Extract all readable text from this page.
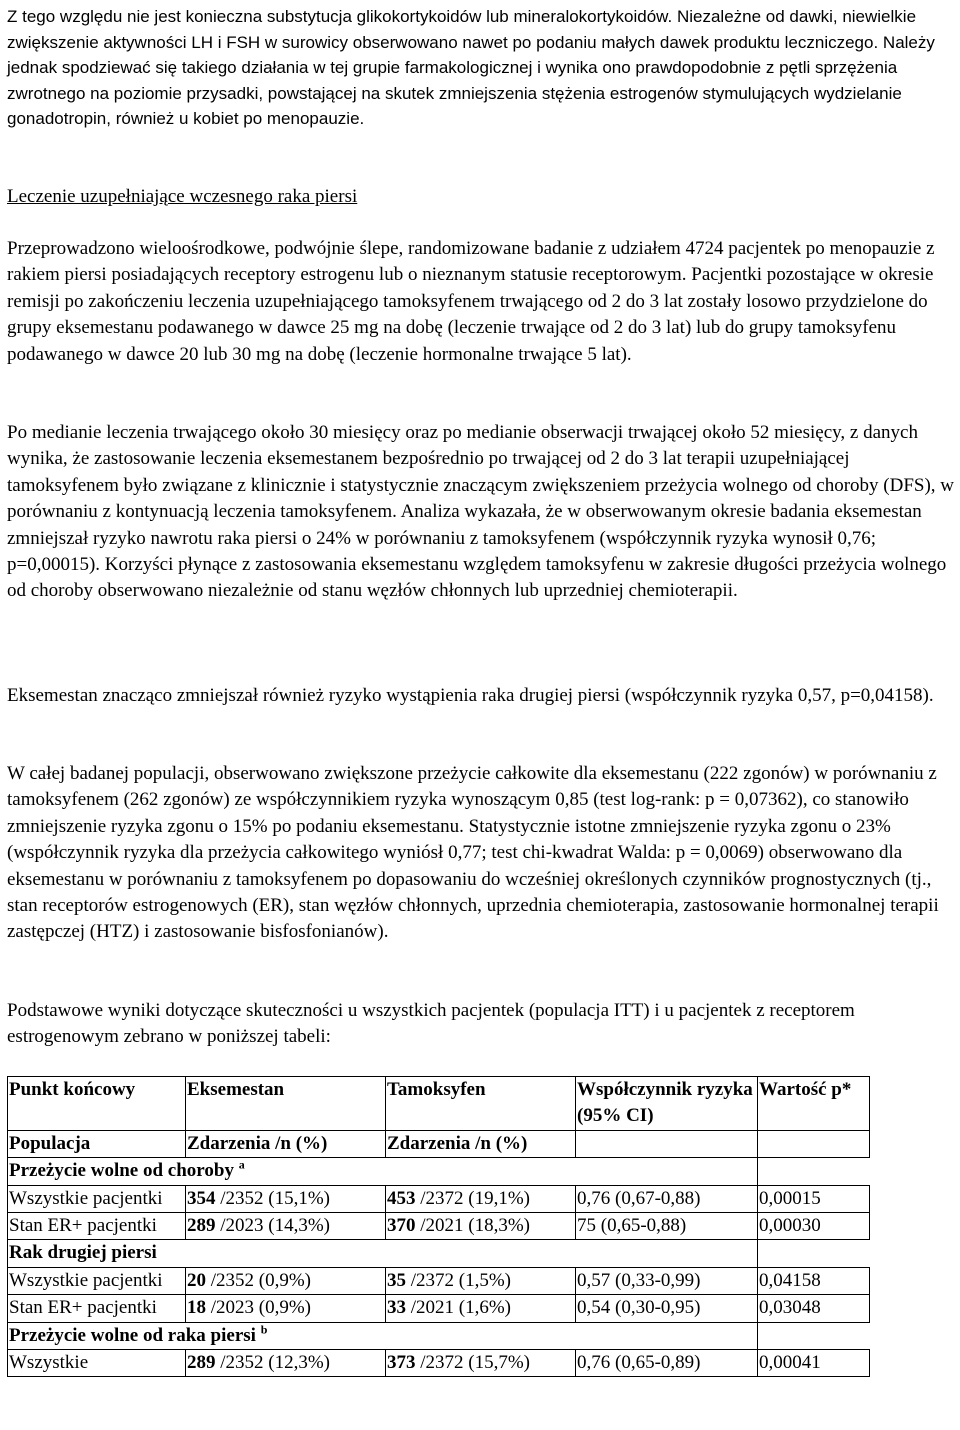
Z tego względu nie jest konieczna substytucja glikokortykoidów lub mineralokortykoidów. Niezależne od dawki, niewielkie zwiększenie aktywności LH i FSH w surowicy obserwowano nawet po podaniu małych dawek produktu leczniczego. Należy jednak spodziewać się takiego działania w tej grupie farmakologicznej i wynika ono prawdopodobnie z pętli sprzężenia zwrotnego na poziomie przysadki, powstającej na skutek zmniejszenia stężenia estrogenów stymulujących wydzielanie gonadotropin, również u kobiet po menopauzie.

Leczenie uzupełniające wczesnego raka piersi

Przeprowadzono wieloośrodkowe, podwójnie ślepe, randomizowane badanie z udziałem 4724 pacjentek po menopauzie z rakiem piersi posiadających receptory estrogenu lub o nieznanym statusie receptorowym. Pacjentki pozostające w okresie remisji po zakończeniu leczenia uzupełniającego tamoksyfenem trwającego od 2 do 3 lat zostały losowo przydzielone do grupy eksemestanu podawanego w dawce 25 mg na dobę (leczenie trwające od 2 do 3 lat) lub do grupy tamoksyfenu podawanego w dawce 20 lub 30 mg na dobę (leczenie hormonalne trwające 5 lat).

Po medianie leczenia trwającego około 30 miesięcy oraz po medianie obserwacji trwającej około 52 miesięcy, z danych wynika, że zastosowanie leczenia eksemestanem bezpośrednio po trwającej od 2 do 3 lat terapii uzupełniającej tamoksyfenem było związane z klinicznie i statystycznie znaczącym zwiększeniem przeżycia wolnego od choroby (DFS), w porównaniu z kontynuacją leczenia tamoksyfenem. Analiza wykazała, że w obserwowanym okresie badania eksemestan zmniejszał ryzyko nawrotu raka piersi o 24% w porównaniu z tamoksyfenem (współczynnik ryzyka wynosił 0,76; p=0,00015). Korzyści płynące z zastosowania eksemestanu względem tamoksyfenu w zakresie długości przeżycia wolnego od choroby obserwowano niezależnie od stanu węzłów chłonnych lub uprzedniej chemioterapii.

Eksemestan znacząco zmniejszał również ryzyko wystąpienia raka drugiej piersi (współczynnik ryzyka 0,57, p=0,04158).

W całej badanej populacji, obserwowano zwiększone przeżycie całkowite dla eksemestanu (222 zgonów) w porównaniu z tamoksyfenem (262 zgonów) ze współczynnikiem ryzyka wynoszącym 0,85 (test log-rank: p = 0,07362), co stanowiło zmniejszenie ryzyka zgonu o 15% po podaniu eksemestanu. Statystycznie istotne zmniejszenie ryzyka zgonu o 23% (współczynnik ryzyka dla przeżycia całkowitego wyniósł 0,77; test chi-kwadrat Walda: p = 0,0069) obserwowano dla eksemestanu w porównaniu z tamoksyfenem po dopasowaniu do wcześniej określonych czynników prognostycznych (tj., stan receptorów estrogenowych (ER), stan węzłów chłonnych, uprzednia chemioterapia, zastosowanie hormonalnej terapii zastępczej (HTZ) i zastosowanie bisfosfonianów).

Podstawowe wyniki dotyczące skuteczności u wszystkich pacjentek (populacja ITT) i u pacjentek z receptorem estrogenowym zebrano w poniższej tabeli:

Punkt końcowy	Eksemestan	Tamoksyfen	Współczynnik ryzyka (95% CI)	Wartość p*
Populacja	Zdarzenia /n (%)	Zdarzenia /n (%)		
Przeżycie wolne od choroby $^a$	
Wszystkie pacjentki	354 /2352 (15,1%)	453 /2372 (19,1%)	0,76 (0,67-0,88)	0,00015
Stan ER+ pacjentki	289 /2023 (14,3%)	370 /2021 (18,3%)	75 (0,65-0,88)	0,00030
Rak drugiej piersi				
Wszystkie pacjentki	20 /2352 (0,9%)	35 /2372 (1,5%)	0,57 (0,33-0,99)	0,04158
Stan ER+ pacjentki	18 /2023 (0,9%)	33 /2021 (1,6%)	0,54 (0,30-0,95)	0,03048
Przeżycie wolne od raka piersi $^b$	
Wszystkie	289 /2352 (12,3%)	373 /2372 (15,7%)	0,76 (0,65-0,89)	0,00041
